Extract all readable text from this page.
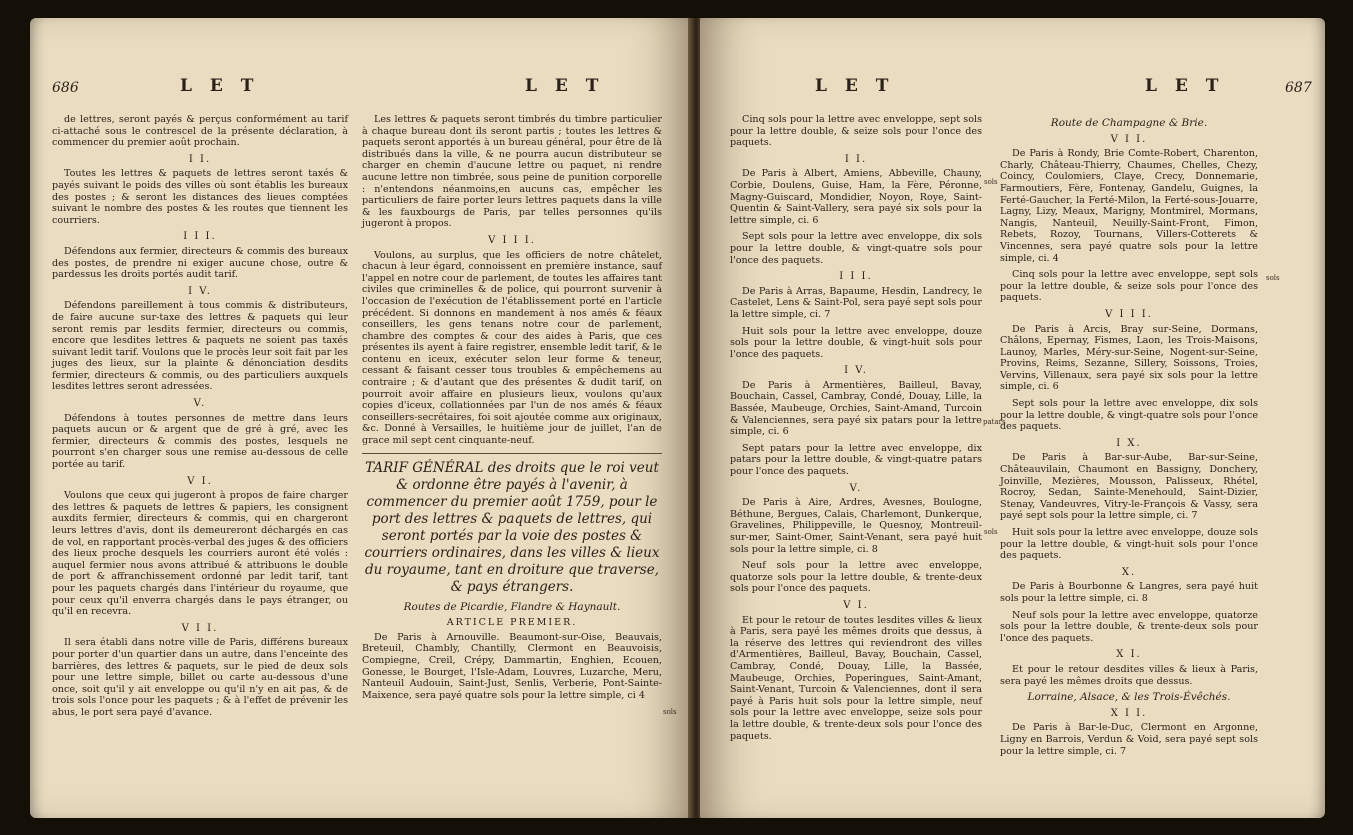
686	L E T	L E T

de lettres, seront payés & perçus conformément au tarif ci-attaché sous le contrescel de la présente déclaration, à commencer du premier août prochain.

I I.

Toutes les lettres & paquets de lettres seront taxés & payés suivant le poids des villes où sont établis les bureaux des postes ; & seront les distances des lieues comptées suivant le nombre des postes & les routes que tiennent les courriers.

I I I.

Défendons aux fermier, directeurs & commis des bureaux des postes, de prendre ni exiger aucune chose, outre & pardessus les droits portés audit tarif.

I V.

Défendons pareillement à tous commis & distributeurs, de faire aucune sur-taxe des lettres & paquets qui leur seront remis par lesdits fermier, directeurs ou commis, encore que lesdites lettres & paquets ne soient pas taxés suivant ledit tarif. Voulons que le procès leur soit fait par les juges des lieux, sur la plainte & dénonciation desdits fermier, directeurs & commis, ou des particuliers auxquels lesdites lettres seront adressées.

V.

Défendons à toutes personnes de mettre dans leurs paquets aucun or & argent que de gré à gré, avec les fermier, directeurs & commis des postes, lesquels ne pourront s'en charger sous une remise au-dessous de celle portée au tarif.

V I.

Voulons que ceux qui jugeront à propos de faire charger des lettres & paquets de lettres & papiers, les consignent auxdits fermier, directeurs & commis, qui en chargeront leurs lettres d'avis, dont ils demeureront déchargés en cas de vol, en rapportant procès-verbal des juges & des officiers des lieux proche desquels les courriers auront été volés : auquel fermier nous avons attribué & attribuons le double de port & affranchissement ordonné par ledit tarif, tant pour les paquets chargés dans l'intérieur du royaume, que pour ceux qu'il enverra chargés dans le pays étranger, ou qu'il en recevra.

V I I.

Il sera établi dans notre ville de Paris, différens bureaux pour porter d'un quartier dans un autre, dans l'enceinte des barrières, des lettres & paquets, sur le pied de deux sols pour une lettre simple, billet ou carte au-dessous d'une once, soit qu'il y ait enveloppe ou qu'il n'y en ait pas, & de trois sols l'once pour les paquets ; & à l'effet de prévenir les abus, le port sera payé d'avance.

Les lettres & paquets seront timbrés du timbre particulier à chaque bureau dont ils seront partis ; toutes les lettres & paquets seront apportés à un bureau général, pour être de là distribués dans la ville, & ne pourra aucun distributeur se charger en chemin d'aucune lettre ou paquet, ni rendre aucune lettre non timbrée, sous peine de punition corporelle : n'entendons néanmoins,en aucuns cas, empêcher les particuliers de faire porter leurs lettres paquets dans la ville & les fauxbourgs de Paris, par telles personnes qu'ils jugeront à propos.

V I I I.

Voulons, au surplus, que les officiers de notre châtelet, chacun à leur égard, connoissent en première instance, sauf l'appel en notre cour de parlement, de toutes les affaires tant civiles que criminelles & de police, qui pourront survenir à l'occasion de l'exécution de l'établissement porté en l'article précédent. Si donnons en mandement à nos amés & féaux conseillers, les gens tenans notre cour de parlement, chambre des comptes & cour des aides à Paris, que ces présentes ils ayent à faire registrer, ensemble ledit tarif, & le contenu en iceux, exécuter selon leur forme & teneur, cessant & faisant cesser tous troubles & empêchemens au contraire ; & d'autant que des présentes & dudit tarif, on pourroit avoir affaire en plusieurs lieux, voulons qu'aux copies d'iceux, collationnées par l'un de nos amés & féaux conseillers-secrétaires, foi soit ajoutée comme aux originaux, &c. Donné à Versailles, le huitième jour de juillet, l'an de grace mil sept cent cinquante-neuf.

TARIF GÉNÉRAL des droits que le roi veut & ordonne être payés à l'avenir, à commencer du premier août 1759, pour le port des lettres & paquets de lettres, qui seront portés par la voie des postes & courriers ordinaires, dans les villes & lieux du royaume, tant en droiture que traverse, & pays étrangers.
Routes de Picardie, Flandre & Haynault.
ARTICLE PREMIER.

De Paris à Arnouville. Beaumont-sur-Oise, Beauvais, Breteuil, Chambly, Chantilly, Clermont en Beauvoisis, Compiegne, Creil, Crépy, Dammartin, Enghien, Ecouen, Gonesse, le Bourget, l'Isle-Adam, Louvres, Luzarche, Meru, Nanteuil Audouin, Saint-Just, Senlis, Verberie, Pont-Sainte-Maixence, sera payé quatre sols pour la lettre simple, ci 4

sols
L E T	L E T	687

Cinq sols pour la lettre avec enveloppe, sept sols pour la lettre double, & seize sols pour l'once des paquets.

I I.

De Paris à Albert, Amiens, Abbeville, Chauny, Corbie, Doulens, Guise, Ham, la Fère, Péronne, Magny-Guiscard, Mondidier, Noyon, Roye, Saint-Quentin & Saint-Vallery, sera payé six sols pour la lettre simple, ci. 6

Sept sols pour la lettre avec enveloppe, dix sols pour la lettre double, & vingt-quatre sols pour l'once des paquets.

I I I.

De Paris à Arras, Bapaume, Hesdin, Landrecy, le Castelet, Lens & Saint-Pol, sera payé sept sols pour la lettre simple, ci. 7

Huit sols pour la lettre avec enveloppe, douze sols pour la lettre double, & vingt-huit sols pour l'once des paquets.

I V.

De Paris à Armentières, Bailleul, Bavay, Bouchain, Cassel, Cambray, Condé, Douay, Lille, la Bassée, Maubeuge, Orchies, Saint-Amand, Turcoin & Valenciennes, sera payé six patars pour la lettre simple, ci. 6

Sept patars pour la lettre avec enveloppe, dix patars pour la lettre double, & vingt-quatre patars pour l'once des paquets.

V.

De Paris à Aire, Ardres, Avesnes, Boulogne, Béthune, Bergues, Calais, Charlemont, Dunkerque, Gravelines, Philippeville, le Quesnoy, Montreuil-sur-mer, Saint-Omer, Saint-Venant, sera payé huit sols pour la lettre simple, ci. 8

Neuf sols pour la lettre avec enveloppe, quatorze sols pour la lettre double, & trente-deux sols pour l'once des paquets.

V I.

Et pour le retour de toutes lesdites villes & lieux à Paris, sera payé les mêmes droits que dessus, à la réserve des lettres qui reviendront des villes d'Armentières, Bailleul, Bavay, Bouchain, Cassel, Cambray, Condé, Douay, Lille, la Bassée, Maubeuge, Orchies, Poperingues, Saint-Amant, Saint-Venant, Turcoin & Valenciennes, dont il sera payé à Paris huit sols pour la lettre simple, neuf sols pour la lettre avec enveloppe, seize sols pour la lettre double, & trente-deux sols pour l'once des paquets.

Route de Champagne & Brie.
V I I.

De Paris à Rondy, Brie Comte-Robert, Charenton, Charly, Château-Thierry, Chaumes, Chelles, Chezy, Coincy, Coulomiers, Claye, Crecy, Donnemarie, Farmoutiers, Fère, Fontenay, Gandelu, Guignes, la Ferté-Gaucher, la Ferté-Milon, la Ferté-sous-Jouarre, Lagny, Lizy, Meaux, Marigny, Montmirel, Mormans, Nangis, Nanteuil, Neuilly-Saint-Front, Fimon, Rebets, Rozoy, Tournans, Villers-Cotterets & Vincennes, sera payé quatre sols pour la lettre simple, ci. 4

Cinq sols pour la lettre avec enveloppe, sept sols pour la lettre double, & seize sols pour l'once des paquets.

V I I I.

De Paris à Arcis, Bray sur-Seine, Dormans, Châlons, Epernay, Fismes, Laon, les Trois-Maisons, Launoy, Marles, Méry-sur-Seine, Nogent-sur-Seine, Provins, Reims, Sezanne, Sillery, Soissons, Troies, Vervins, Villenaux, sera payé six sols pour la lettre simple, ci. 6

Sept sols pour la lettre avec enveloppe, dix sols pour la lettre double, & vingt-quatre sols pour l'once des paquets.

I X.

De Paris à Bar-sur-Aube, Bar-sur-Seine, Châteauvilain, Chaumont en Bassigny, Donchery, Joinville, Mezières, Mousson, Palisseux, Rhétel, Rocroy, Sedan, Sainte-Menehould, Saint-Dizier, Stenay, Vandeuvres, Vitry-le-François & Vassy, sera payé sept sols pour la lettre simple, ci. 7

Huit sols pour la lettre avec enveloppe, douze sols pour la lettre double, & vingt-huit sols pour l'once des paquets.

X.

De Paris à Bourbonne & Langres, sera payé huit sols pour la lettre simple, ci. 8

Neuf sols pour la lettre avec enveloppe, quatorze sols pour la lettre double, & trente-deux sols pour l'once des paquets.

X I.

Et pour le retour desdites villes & lieux à Paris, sera payé les mêmes droits que dessus.

Lorraine, Alsace, & les Trois-Évêchés.
X I I.

De Paris à Bar-le-Duc, Clermont en Argonne, Ligny en Barrois, Verdun & Void, sera payé sept sols pour la lettre simple, ci. 7

sols
patars
sols
sols
